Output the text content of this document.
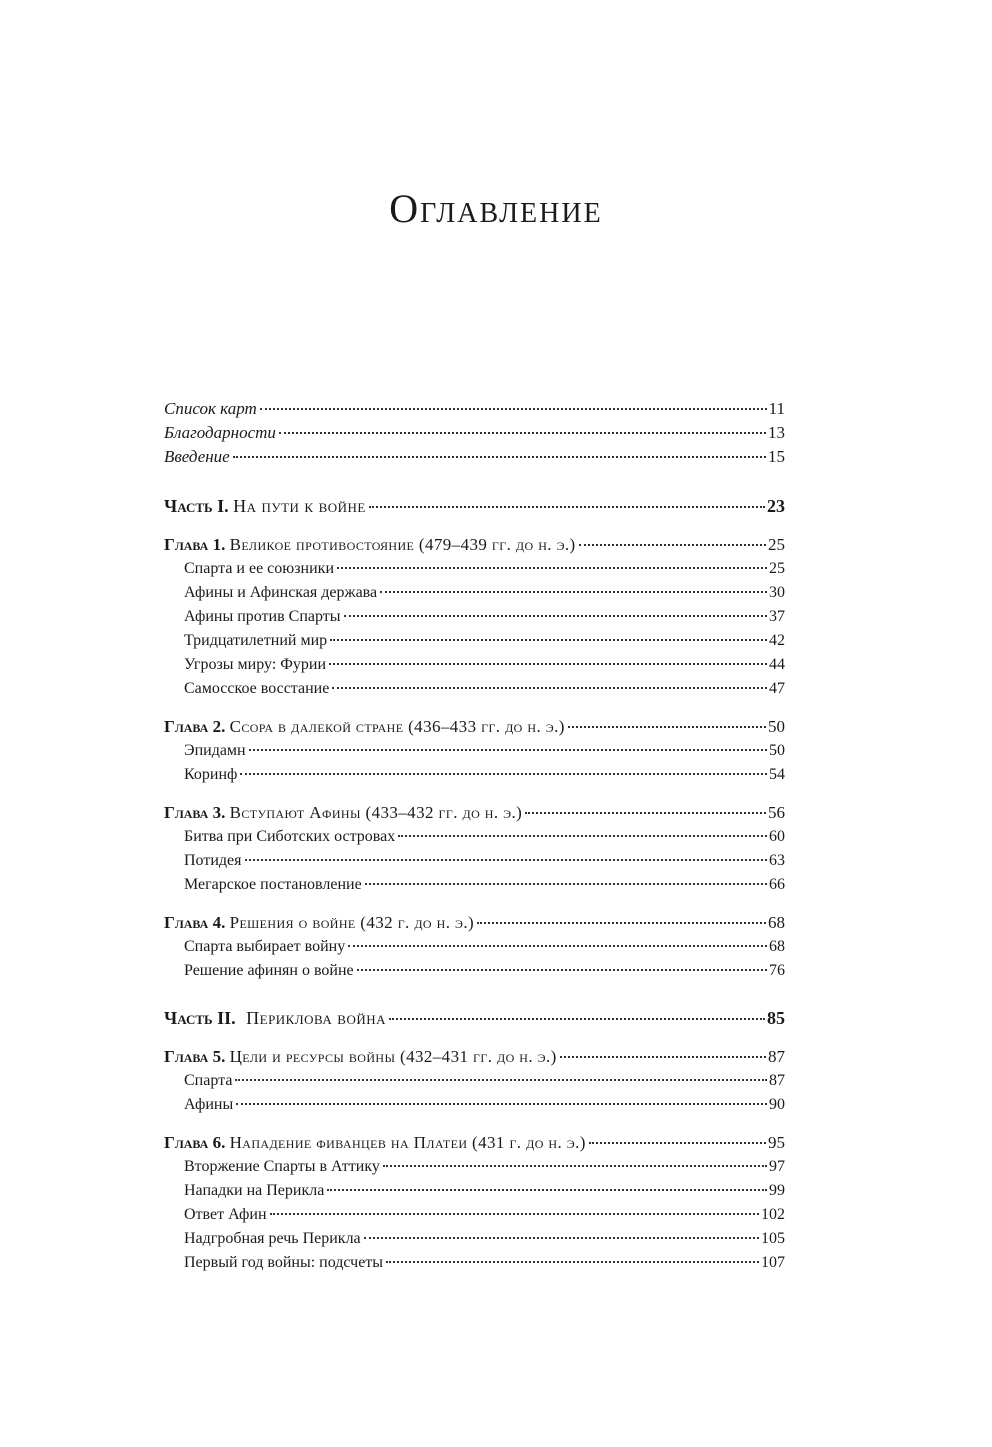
Оглавление
Список карт	11
Благодарности	13
Введение	15
Часть I. На пути к войне	23
Глава 1. Великое противостояние (479–439 гг. до н. э.)	25
Спарта и ее союзники	25
Афины и Афинская держава	30
Афины против Спарты	37
Тридцатилетний мир	42
Угрозы миру: Фурии	44
Самосское восстание	47
Глава 2. Ссора в далекой стране (436–433 гг. до н. э.)	50
Эпидамн	50
Коринф	54
Глава 3. Вступают Афины (433–432 гг. до н. э.)	56
Битва при Сиботских островах	60
Потидея	63
Мегарское постановление	66
Глава 4. Решения о войне (432 г. до н. э.)	68
Спарта выбирает войну	68
Решение афинян о войне	76
Часть II. Периклова война	85
Глава 5. Цели и ресурсы войны (432–431 гг. до н. э.)	87
Спарта	87
Афины	90
Глава 6. Нападение фиванцев на Платеи (431 г. до н. э.)	95
Вторжение Спарты в Аттику	97
Нападки на Перикла	99
Ответ Афин	102
Надгробная речь Перикла	105
Первый год войны: подсчеты	107
